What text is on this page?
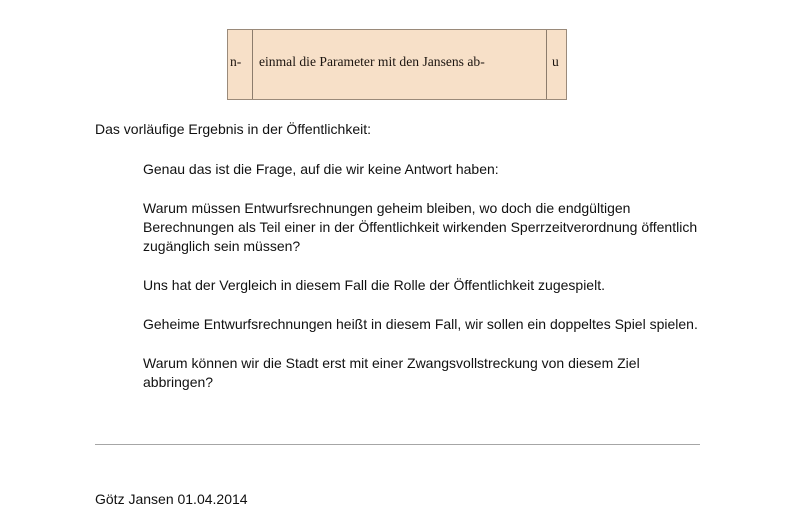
n-

	einmal die Parameter mit den Jansens ab-

	u

Das vorläufige Ergebnis in der Öffentlichkeit:

Genau das ist die Frage, auf die wir keine Antwort haben:

Warum müssen Entwurfsrechnungen geheim bleiben, wo doch die endgültigen Berechnungen als Teil einer in der Öffentlichkeit wirkenden Sperrzeitverordnung öffentlich zugänglich sein müssen?

Uns hat der Vergleich in diesem Fall die Rolle der Öffentlichkeit zugespielt.

Geheime Entwurfsrechnungen heißt in diesem Fall, wir sollen ein doppeltes Spiel spielen.

Warum können wir die Stadt erst mit einer Zwangsvollstreckung von diesem Ziel abbringen?

Götz Jansen 01.04.2014
